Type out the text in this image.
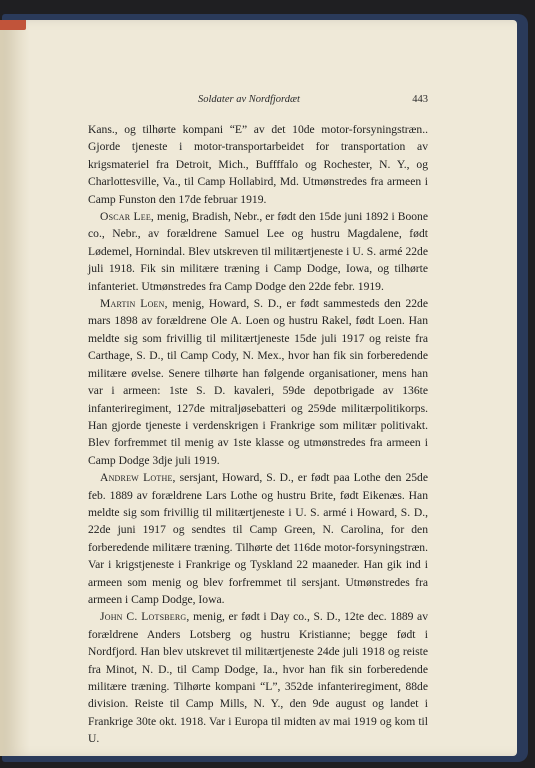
Soldater av Nordfjordæt	443

Kans., og tilhørte kompani “E” av det 10de motor-forsyningstræn.. Gjorde tjeneste i motor-transportarbeidet for transportation av krigsmateriel fra Detroit, Mich., Buffffalo og Rochester, N. Y., og Charlottesville, Va., til Camp Hollabird, Md. Utmønstredes fra armeen i Camp Funston den 17de februar 1919.

Oscar Lee, menig, Bradish, Nebr., er født den 15de juni 1892 i Boone co., Nebr., av forældrene Samuel Lee og hustru Magdalene, født Lødemel, Hornindal. Blev utskreven til militærtjeneste i U. S. armé 22de juli 1918. Fik sin militære træning i Camp Dodge, Iowa, og tilhørte infanteriet. Utmønstredes fra Camp Dodge den 22de febr. 1919.

Martin Loen, menig, Howard, S. D., er født sammesteds den 22de mars 1898 av forældrene Ole A. Loen og hustru Rakel, født Loen. Han meldte sig som frivillig til militærtjeneste 15de juli 1917 og reiste fra Carthage, S. D., til Camp Cody, N. Mex., hvor han fik sin forberedende militære øvelse. Senere tilhørte han følgende organisationer, mens han var i armeen: 1ste S. D. kavaleri, 59de depotbrigade av 136te infanteriregiment, 127de mitraljøsebatteri og 259de militærpolitikorps. Han gjorde tjeneste i verdenskrigen i Frankrige som militær politivakt. Blev forfremmet til menig av 1ste klasse og utmønstredes fra armeen i Camp Dodge 3dje juli 1919.

Andrew Lothe, sersjant, Howard, S. D., er født paa Lothe den 25de feb. 1889 av forældrene Lars Lothe og hustru Brite, født Eikenæs. Han meldte sig som frivillig til militærtjeneste i U. S. armé i Howard, S. D., 22de juni 1917 og sendtes til Camp Green, N. Carolina, for den forberedende militære træning. Tilhørte det 116de motor-forsyningstræn. Var i krigstjeneste i Frankrige og Tyskland 22 maaneder. Han gik ind i armeen som menig og blev forfremmet til sersjant. Utmønstredes fra armeen i Camp Dodge, Iowa.

John C. Lotsberg, menig, er født i Day co., S. D., 12te dec. 1889 av forældrene Anders Lotsberg og hustru Kristianne; begge født i Nordfjord. Han blev utskrevet til militærtjeneste 24de juli 1918 og reiste fra Minot, N. D., til Camp Dodge, Ia., hvor han fik sin forberedende militære træning. Tilhørte kompani “L”, 352de infanteriregiment, 88de division. Reiste til Camp Mills, N. Y., den 9de august og landet i Frankrige 30te okt. 1918. Var i Europa til midten av mai 1919 og kom til U.
